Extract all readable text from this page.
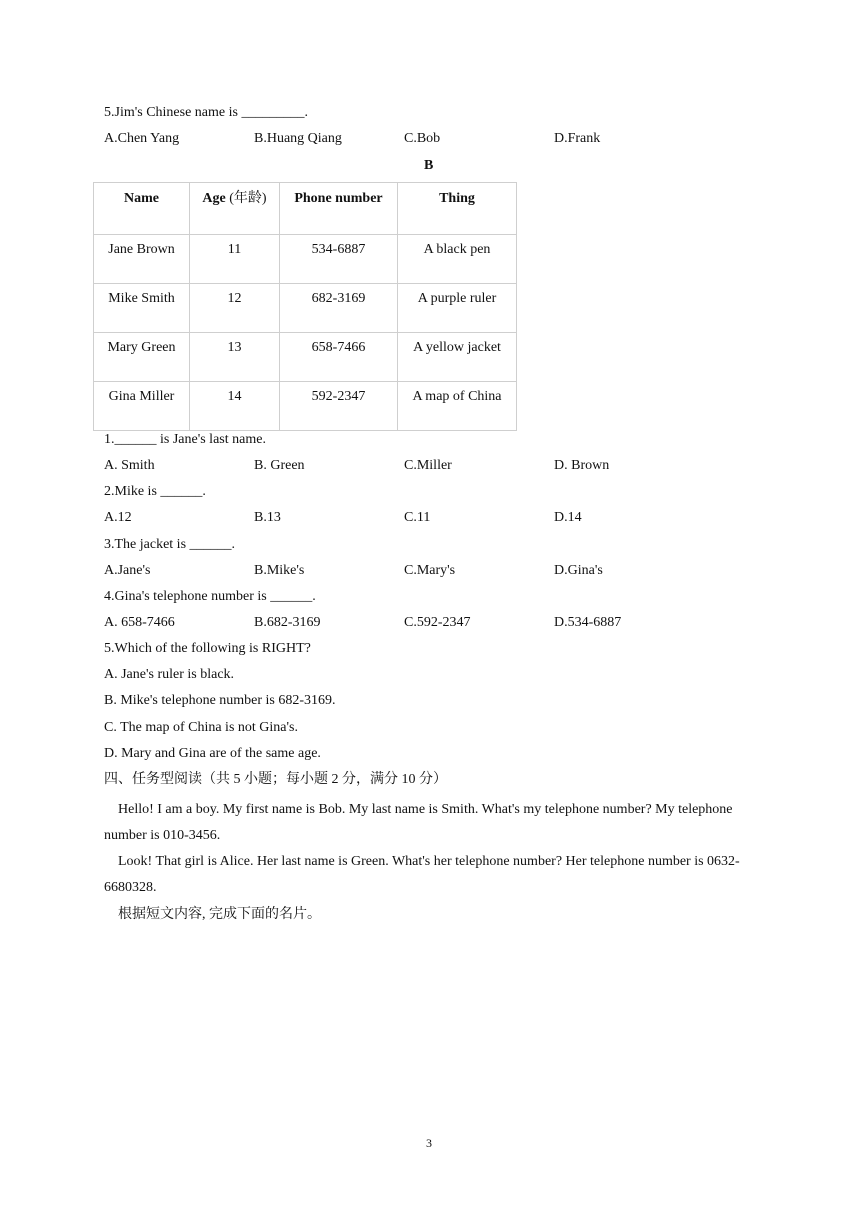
5.Jim's Chinese name is _________.
A.Chen Yang	B.Huang Qiang	C.Bob	D.Frank
B
Name	Age (年龄)	Phone number	Thing
Jane Brown	11	534-6887	A black pen
Mike Smith	12	682-3169	A purple ruler
Mary Green	13	658-7466	A yellow jacket
Gina Miller	14	592-2347	A map of China
1.______ is Jane's last name.
A. Smith	B. Green	C.Miller	D. Brown
2.Mike is ______.
A.12	B.13	C.11	D.14
3.The jacket is ______.
A.Jane's	B.Mike's	C.Mary's	D.Gina's
4.Gina's telephone number is ______.
A. 658-7466	B.682-3169	C.592-2347	D.534-6887
5.Which of the following is RIGHT?
A. Jane's ruler is black.
B. Mike's telephone number is 682-3169.
C. The map of China is not Gina's.
D. Mary and Gina are of the same age.
四、任务型阅读（共 5 小题；每小题 2 分，满分 10 分）
Hello! I am a boy. My first name is Bob. My last name is Smith. What's my telephone number? My telephone number is 010-3456.
Look! That girl is Alice. Her last name is Green. What's her telephone number? Her telephone number is 0632-6680328.
根据短文内容, 完成下面的名片。
3
